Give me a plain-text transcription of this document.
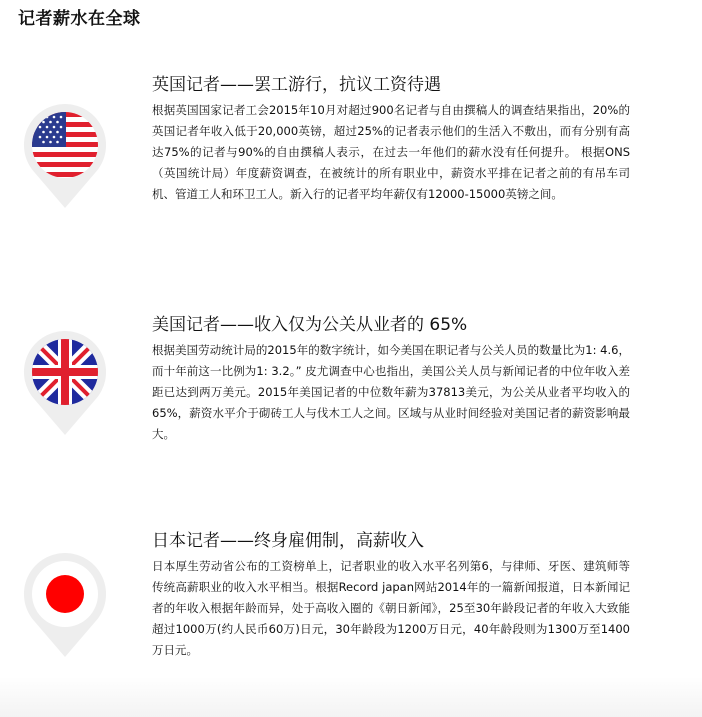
记者薪水在全球
英国记者——罢工游行，抗议工资待遇
根据英国国家记者工会2015年10月对超过900名记者与自由撰稿人的调查结果指出，20%的英国记者年收入低于20,000英镑，超过25%的记者表示他们的生活入不敷出，而有分别有高达75%的记者与90%的自由撰稿人表示，在过去一年他们的薪水没有任何提升。 根据ONS（英国统计局）年度薪资调查，在被统计的所有职业中，薪资水平排在记者之前的有吊车司机、管道工人和环卫工人。新入行的记者平均年薪仅有12000-15000英镑之间。
美国记者——收入仅为公关从业者的 65%
根据美国劳动统计局的2015年的数字统计，如今美国在职记者与公关人员的数量比为1: 4.6，而十年前这一比例为1: 3.2。” 皮尤调查中心也指出，美国公关人员与新闻记者的中位年收入差距已达到两万美元。2015年美国记者的中位数年薪为37813美元，为公关从业者平均收入的65%，薪资水平介于砌砖工人与伐木工人之间。区域与从业时间经验对美国记者的薪资影响最大。
日本记者——终身雇佣制，高薪收入
日本厚生劳动省公布的工资榜单上，记者职业的收入水平名列第6，与律师、牙医、建筑师等传统高薪职业的收入水平相当。根据Record japan网站2014年的一篇新闻报道，日本新闻记者的年收入根据年龄而异，处于高收入圈的《朝日新闻》，25至30年龄段记者的年收入大致能超过1000万(约人民币60万)日元，30年龄段为1200万日元，40年龄段则为1300万至1400万日元。
